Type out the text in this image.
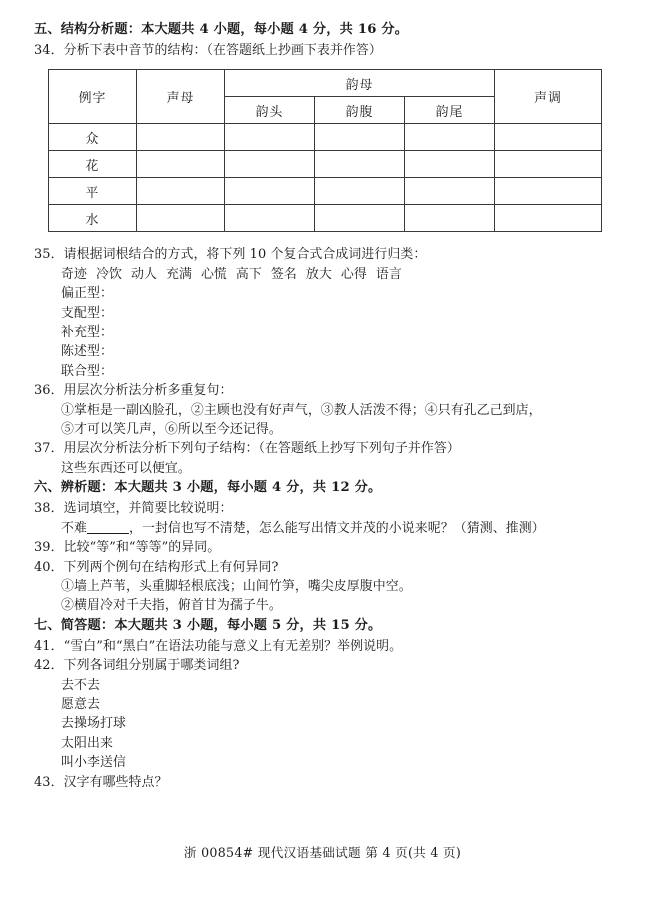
五、结构分析题：本大题共 4 小题，每小题 4 分，共 16 分。

34．分析下表中音节的结构：（在答题纸上抄画下表并作答）

例字	声母	韵母			声调
		韵头	韵腹	韵尾	
众					
花					
平					
水					

35．请根据词根结合的方式，将下列 10 个复合式合成词进行归类：

奇迹 冷饮 动人 充满 心慌 高下 签名 放大 心得 语言

偏正型：

支配型：

补充型：

陈述型：

联合型：

36．用层次分析法分析多重复句：

①掌柜是一副凶脸孔，②主顾也没有好声气，③教人活泼不得；④只有孔乙己到店，

⑤才可以笑几声，⑥所以至今还记得。

37．用层次分析法分析下列句子结构：（在答题纸上抄写下列句子并作答）

这些东西还可以便宜。

六、辨析题：本大题共 3 小题，每小题 4 分，共 12 分。

38．选词填空，并简要比较说明：

不难	，一封信也写不清楚，怎么能写出情文并茂的小说来呢？（猜测、推测）

39．比较“等”和“等等”的异同。

40．下列两个例句在结构形式上有何异同?

①墙上芦苇，头重脚轻根底浅；山间竹笋，嘴尖皮厚腹中空。

②横眉冷对千夫指，俯首甘为孺子牛。

七、简答题：本大题共 3 小题，每小题 5 分，共 15 分。

41．“雪白”和“黑白”在语法功能与意义上有无差别？举例说明。

42．下列各词组分别属于哪类词组?

去不去

愿意去

去操场打球

太阳出来

叫小李送信

43．汉字有哪些特点？

浙 00854# 现代汉语基础试题 第 4 页(共 4 页)
